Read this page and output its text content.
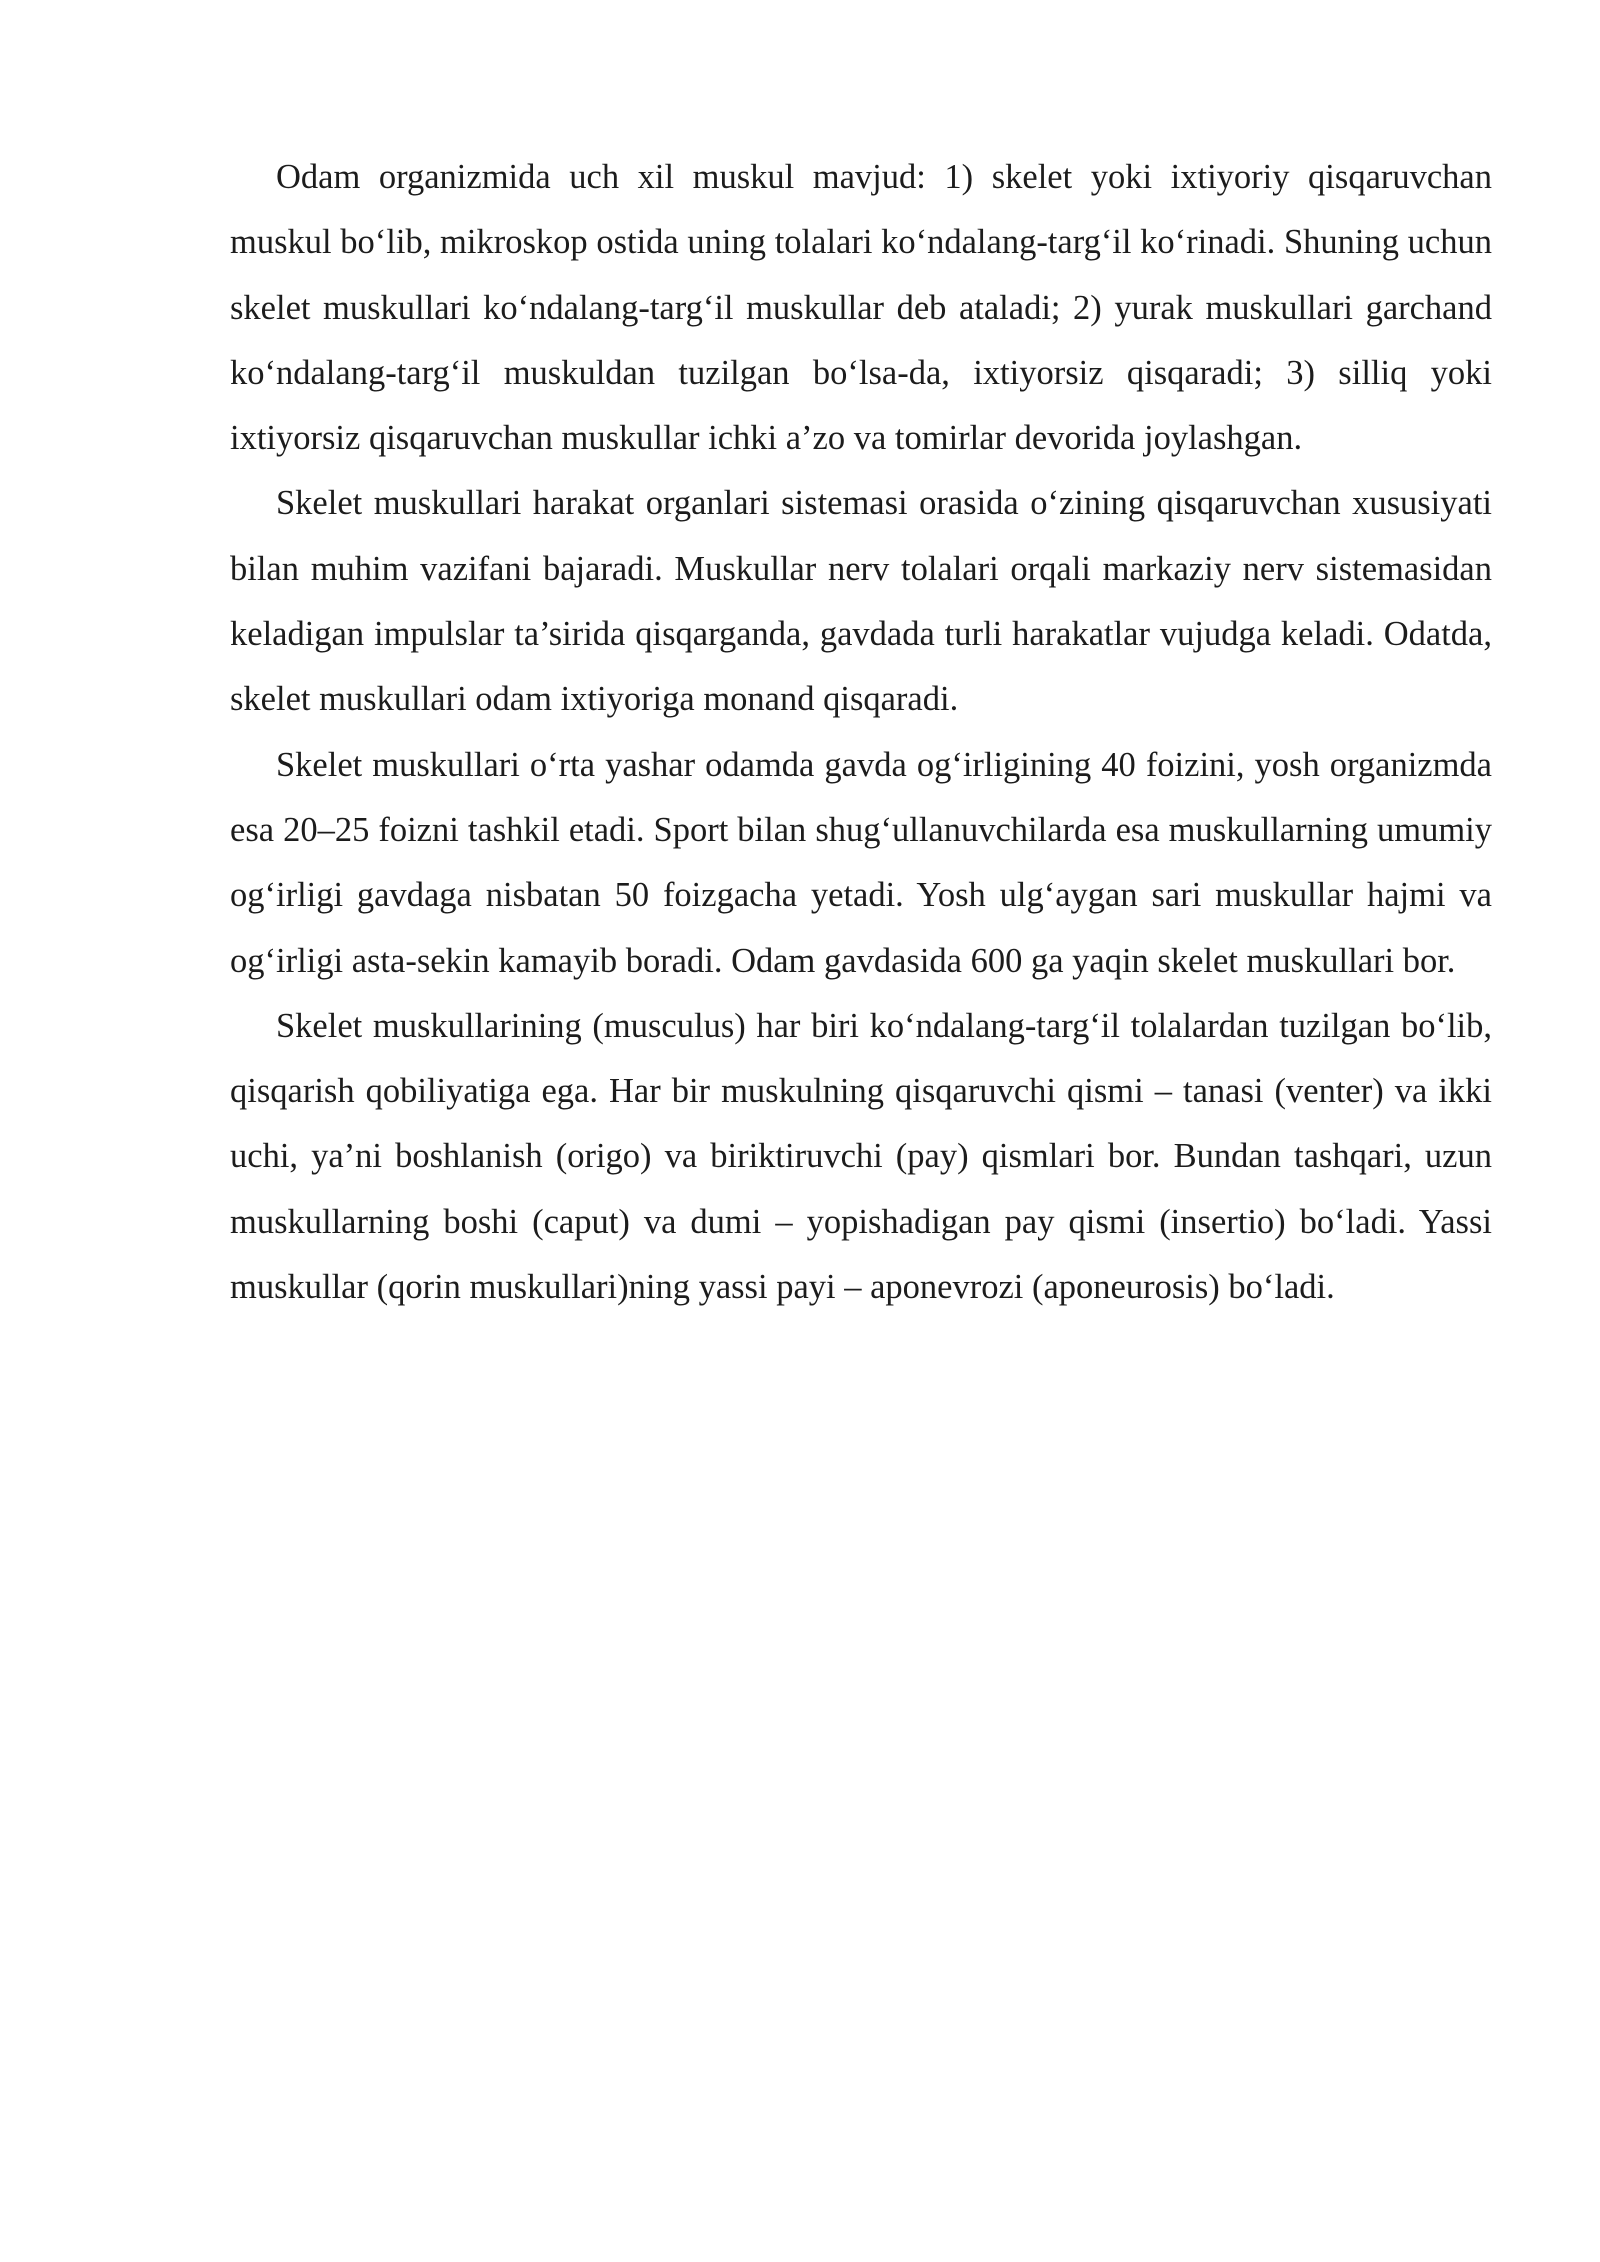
Odam organizmida uch xil muskul mavjud: 1) skelet yoki ixtiyoriy qisqaruvchan muskul bo‘lib, mikroskop ostida uning tolalari ko‘ndalang-targ‘il ko‘rinadi. Shuning uchun skelet muskullari ko‘ndalang-targ‘il muskullar deb ataladi; 2) yurak muskullari garchand ko‘ndalang-targ‘il muskuldan tuzilgan bo‘lsa-da, ixtiyorsiz qisqaradi; 3) silliq yoki ixtiyorsiz qisqaruvchan muskullar ichki a’zo va tomirlar devorida joylashgan.

Skelet muskullari harakat organlari sistemasi orasida o‘zining qisqaruvchan xususiyati bilan muhim vazifani bajaradi. Muskullar nerv tolalari orqali markaziy nerv sistemasidan keladigan impulslar ta’sirida qisqarganda, gavdada turli harakatlar vujudga keladi. Odatda, skelet muskullari odam ixtiyoriga monand qisqaradi.

Skelet muskullari o‘rta yashar odamda gavda og‘irligining 40 foizini, yosh organizmda esa 20–25 foizni tashkil etadi. Sport bilan shug‘ullanuvchilarda esa muskullarning umumiy og‘irligi gavdaga nisbatan 50 foizgacha yetadi. Yosh ulg‘aygan sari muskullar hajmi va og‘irligi asta-sekin kamayib boradi. Odam gavdasida 600 ga yaqin skelet muskullari bor.

Skelet muskullarining (musculus) har biri ko‘ndalang-targ‘il tolalardan tuzilgan bo‘lib, qisqarish qobiliyatiga ega. Har bir muskulning qisqaruvchi qismi – tanasi (venter) va ikki uchi, ya’ni boshlanish (origo) va biriktiruvchi (pay) qismlari bor. Bundan tashqari, uzun muskullarning boshi (caput) va dumi – yopishadigan pay qismi (insertio) bo‘ladi. Yassi muskullar (qorin muskullari)ning yassi payi – aponevrozi (aponeurosis) bo‘ladi.
